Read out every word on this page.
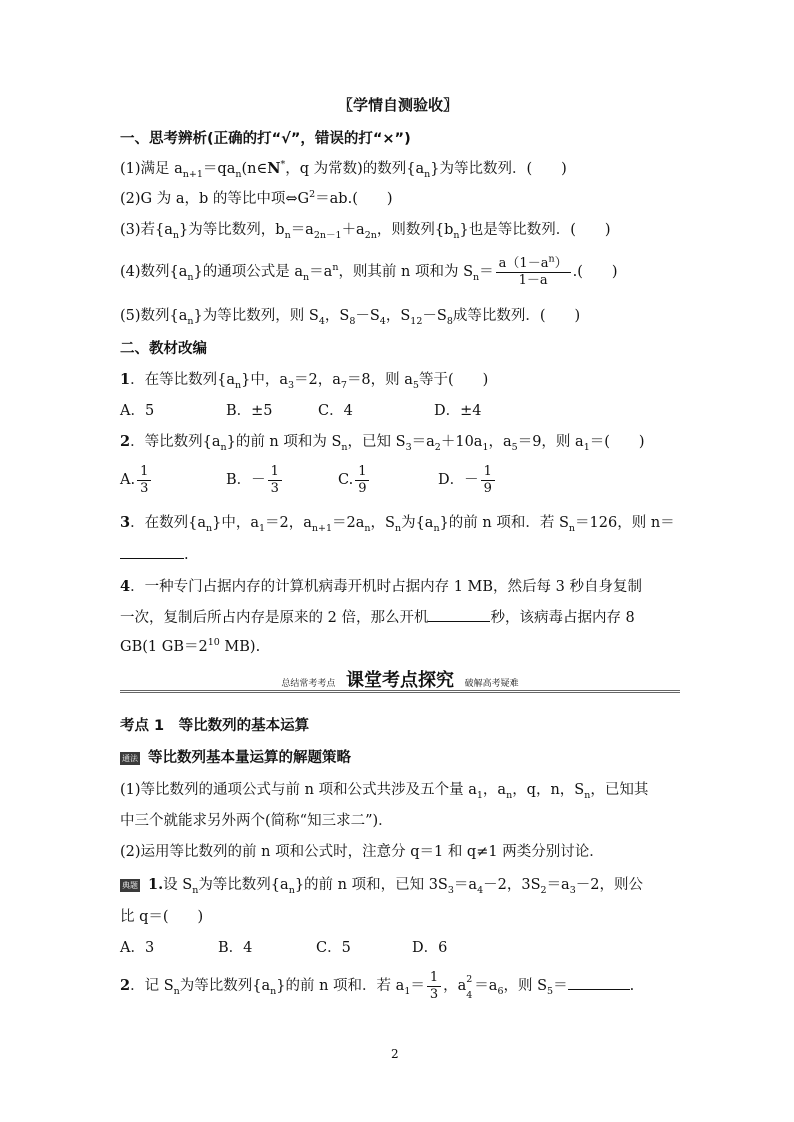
〖学情自测验收〗
一、思考辨析(正确的打“√”，错误的打“×”)
(1)满足 $a_{n+1}=qa_n(n\in N^*$，q 为常数)的数列$\{a_n\}$为等比数列．(　　)
(2)G 为 a，b 的等比中项$\Leftrightarrow G^2=ab$.(　　)
(3)若$\{a_n\}$为等比数列，$b_n=a_{2n-1}+a_{2n}$，则数列$\{b_n\}$也是等比数列．(　　)
(4)数列$\{a_n\}$的通项公式是 $a_n=a^n$，则其前 n 项和为 $S_n= \frac{a(1-a^n)}{1-a}$ .(　　)
(5)数列$\{a_n\}$为等比数列，则 $S_4$，$S_8-S_4$，$S_{12}-S_8$成等比数列．(　　)
二、教材改编
1．在等比数列$\{a_n\}$中，$a_3=2$，$a_7=8$，则 $a_5$等于(　　)
A．5	B．±5	C．4	D．±4
2．等比数列$\{a_n\}$的前 n 项和为 $S_n$，已知 $S_3=a_2+10a_1$，$a_5=9$，则 $a_1=$(　　)
A. $\frac{1}{3}$	B．－ $\frac{1}{3}$	C. $\frac{1}{9}$	D．－ $\frac{1}{9}$
3．在数列$\{a_n\}$中，$a_1=2$，$a_{n+1}=2a_n$，$S_n$为$\{a_n\}$的前 n 项和．若 $S_n=126$，则 n＝
.
4．一种专门占据内存的计算机病毒开机时占据内存 1 MB，然后每 3 秒自身复制
一次，复制后所占内存是原来的 2 倍，那么开机	秒，该病毒占据内存 8
GB(1 $GB=2^{10}$ MB).
总结常考考点 课堂考点探究 破解高考疑难
考点 1　等比数列的基本运算
通法 等比数列基本量运算的解题策略
(1)等比数列的通项公式与前 n 项和公式共涉及五个量 $a_1$，$a_n$，q，n，$S_n$，已知其
中三个就能求另外两个(简称“知三求二”)．
(2)运用等比数列的前 n 项和公式时，注意分 q＝1 和 q≠1 两类分别讨论．
典题 1.设 $S_n$为等比数列$\{a_n\}$的前 n 项和，已知 $3S_3=a_4-2$，$3S_2=a_3-2$，则公
比 q＝(　　)
A．3	B．4	C．5	D．6
2．记 $S_n$为等比数列$\{a_n\}$的前 n 项和．若 $a_1= \frac{1}{3}$ ，a 2
4
$=a_6$，则 $S_5=$	.
2
